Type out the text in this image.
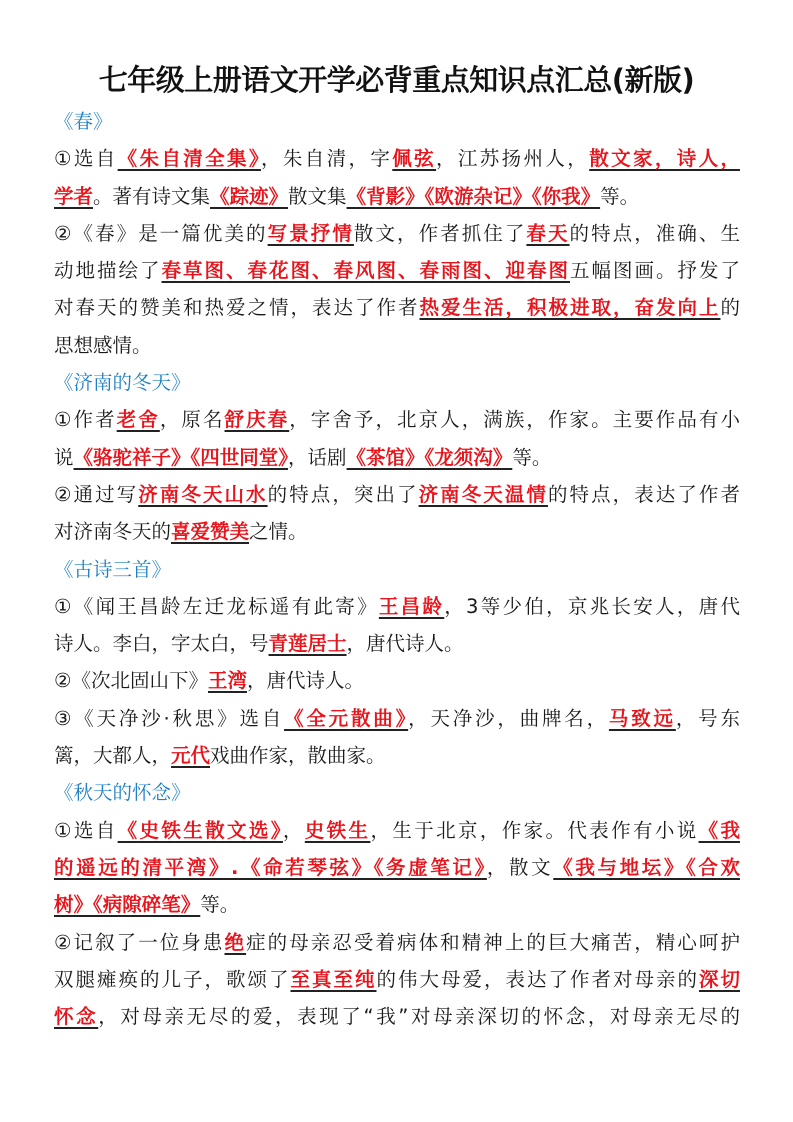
七年级上册语文开学必背重点知识点汇总(新版)
《春》
①选自《朱自清全集》，朱自清，字佩弦，江苏扬州人，散文家，诗人，
学者。著有诗文集《踪迹》散文集《背影》《欧游杂记》《你我》等。
②《春》是一篇优美的写景抒情散文，作者抓住了春天的特点，准确、生
动地描绘了春草图、春花图、春风图、春雨图、迎春图五幅图画。抒发了
对春天的赞美和热爱之情，表达了作者热爱生活，积极进取，奋发向上的
思想感情。
《济南的冬天》
①作者老舍，原名舒庆春，字舍予，北京人，满族，作家。主要作品有小
说《骆驼祥子》《四世同堂》，话剧《茶馆》《龙须沟》等。
②通过写济南冬天山水的特点，突出了济南冬天温情的特点，表达了作者
对济南冬天的喜爱赞美之情。
《古诗三首》
①《闻王昌龄左迁龙标遥有此寄》王昌龄，3等少伯，京兆长安人，唐代
诗人。李白，字太白，号青莲居士，唐代诗人。
②《次北固山下》王湾，唐代诗人。
③《天净沙·秋思》选自《全元散曲》，天净沙，曲牌名，马致远，号东
篱，大都人，元代戏曲作家，散曲家。
《秋天的怀念》
①选自《史铁生散文选》，史铁生，生于北京，作家。代表作有小说《我
的遥远的清平湾》.《命若琴弦》《务虚笔记》，散文《我与地坛》《合欢
树》《病隙碎笔》等。
②记叙了一位身患绝症的母亲忍受着病体和精神上的巨大痛苦，精心呵护
双腿瘫痪的儿子，歌颂了至真至纯的伟大母爱，表达了作者对母亲的深切
怀念，对母亲无尽的爱，表现了“我”对母亲深切的怀念，对母亲无尽的
